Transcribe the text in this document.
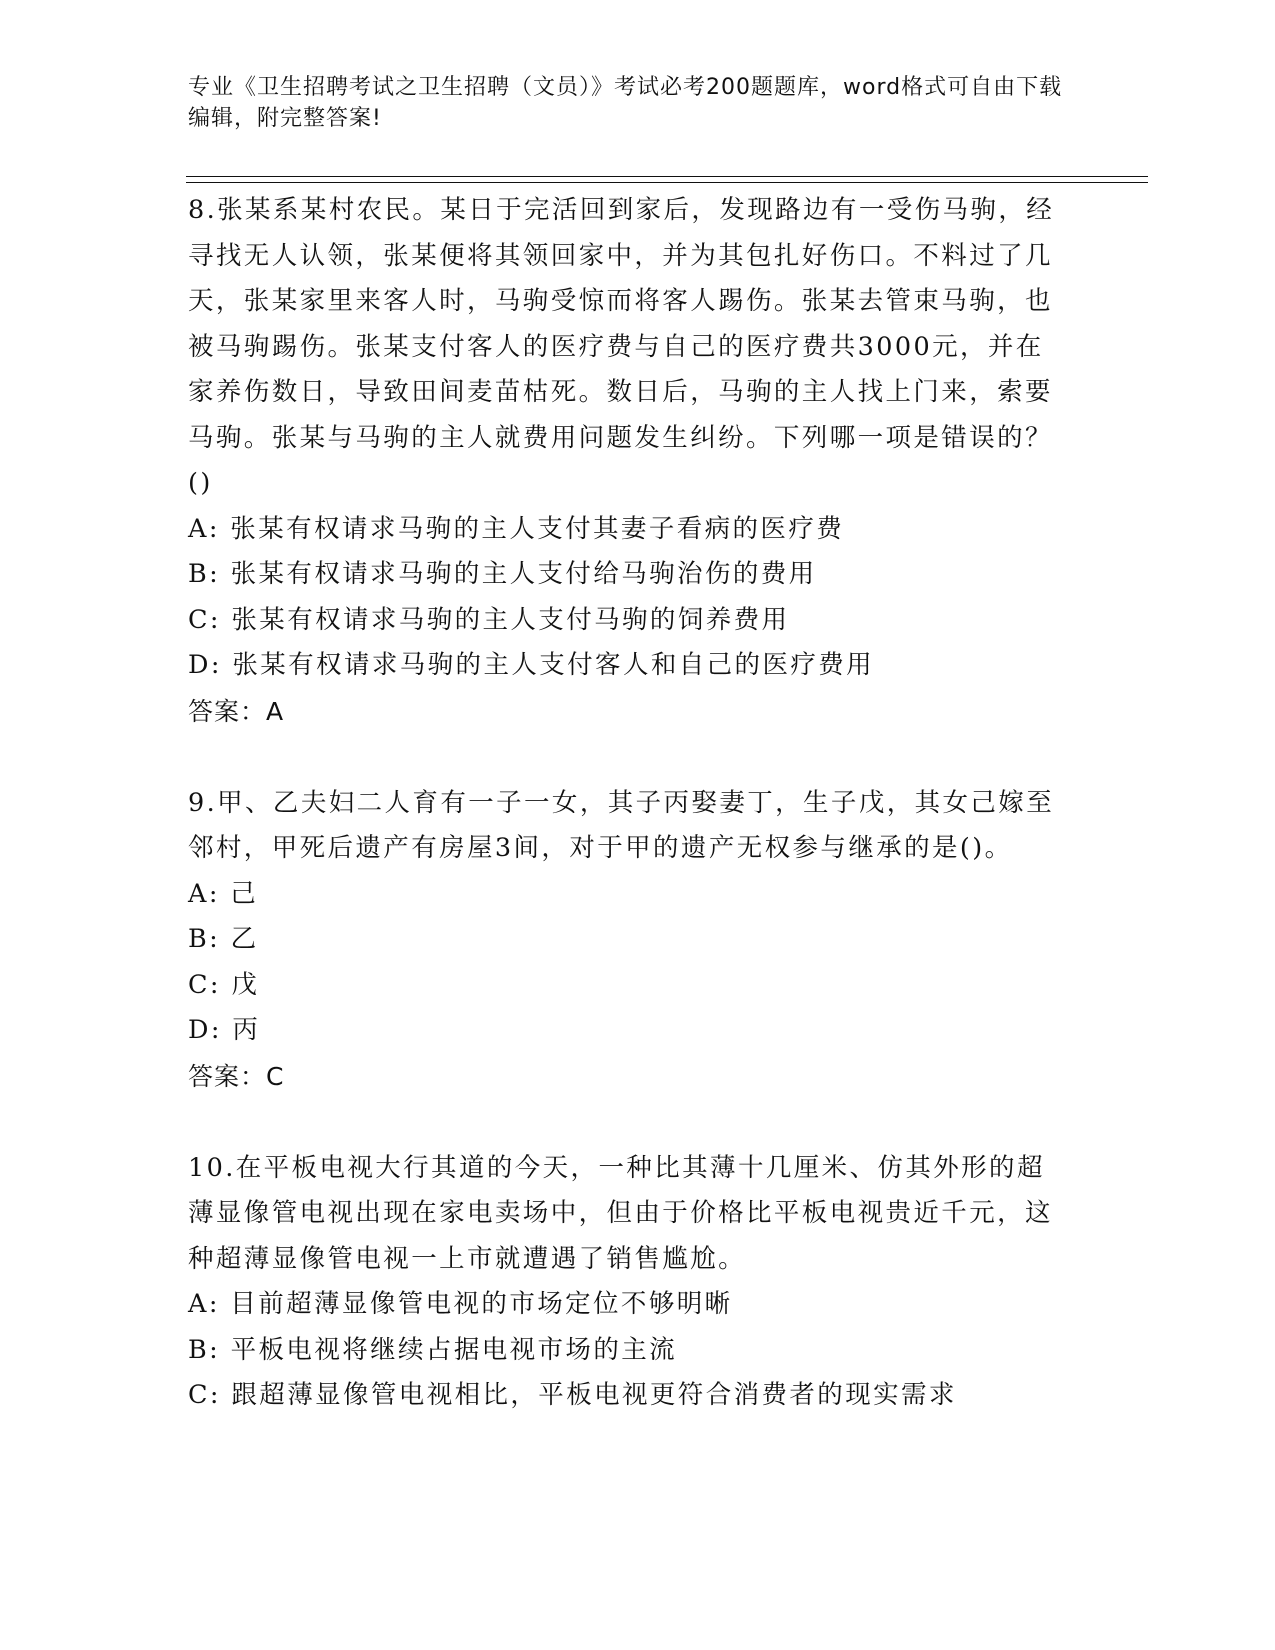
专业《卫生招聘考试之卫生招聘（文员）》考试必考200题题库，word格式可自由下载编辑，附完整答案!
8.张某系某村农民。某日于完活回到家后，发现路边有一受伤马驹，经寻找无人认领，张某便将其领回家中，并为其包扎好伤口。不料过了几天，张某家里来客人时，马驹受惊而将客人踢伤。张某去管束马驹，也被马驹踢伤。张某支付客人的医疗费与自己的医疗费共3000元，并在家养伤数日，导致田间麦苗枯死。数日后，马驹的主人找上门来，索要马驹。张某与马驹的主人就费用问题发生纠纷。下列哪一项是错误的？()
A: 张某有权请求马驹的主人支付其妻子看病的医疗费
B: 张某有权请求马驹的主人支付给马驹治伤的费用
C: 张某有权请求马驹的主人支付马驹的饲养费用
D: 张某有权请求马驹的主人支付客人和自己的医疗费用
答案：A
9.甲、乙夫妇二人育有一子一女，其子丙娶妻丁，生子戊，其女己嫁至邻村，甲死后遗产有房屋3间，对于甲的遗产无权参与继承的是()。
A: 己
B: 乙
C: 戊
D: 丙
答案：C
10.在平板电视大行其道的今天，一种比其薄十几厘米、仿其外形的超薄显像管电视出现在家电卖场中，但由于价格比平板电视贵近千元，这种超薄显像管电视一上市就遭遇了销售尴尬。
A: 目前超薄显像管电视的市场定位不够明晰
B: 平板电视将继续占据电视市场的主流
C: 跟超薄显像管电视相比，平板电视更符合消费者的现实需求
